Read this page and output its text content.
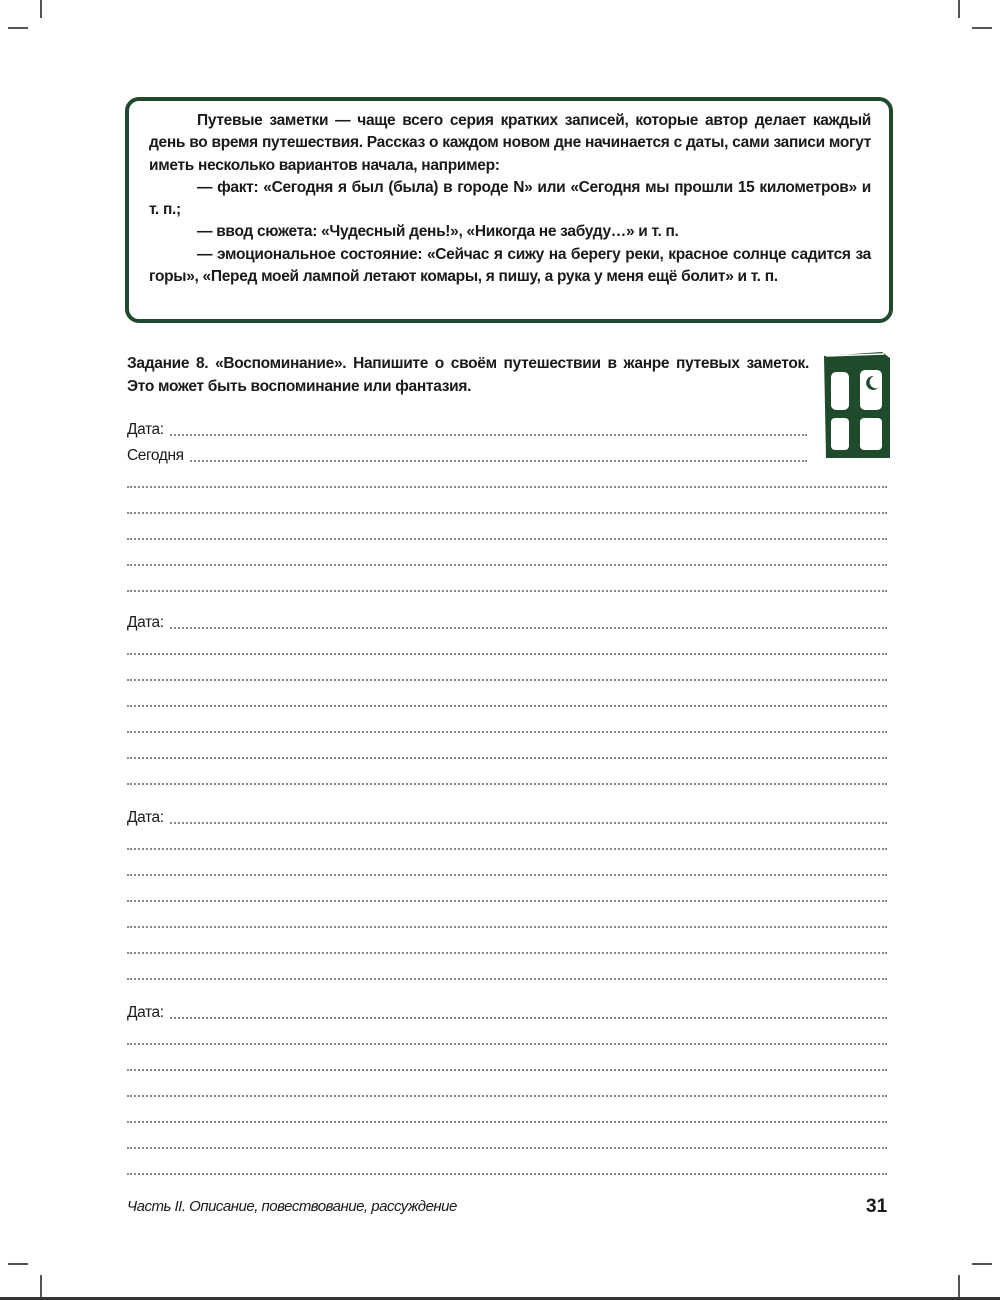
Путевые заметки — чаще всего серия кратких записей, которые автор делает каждый день во время путешествия. Рассказ о каждом новом дне начинается с даты, сами записи могут иметь несколько вариантов начала, например:

— факт: «Сегодня я был (была) в городе N» или «Сегодня мы прошли 15 километров» и т. п.;

— ввод сюжета: «Чудесный день!», «Никогда не забуду…» и т. п.

— эмоциональное состояние: «Сейчас я сижу на берегу реки, красное солнце садится за горы», «Перед моей лампой летают комары, я пишу, а рука у меня ещё болит» и т. п.

Задание 8. «Воспоминание». Напишите о своём путешествии в жанре путевых заметок. Это может быть воспоминание или фантазия.
Дата:
Сегодня
Дата:
Дата:
Дата:
Часть II. Описание, повествование, рассуждение	31
